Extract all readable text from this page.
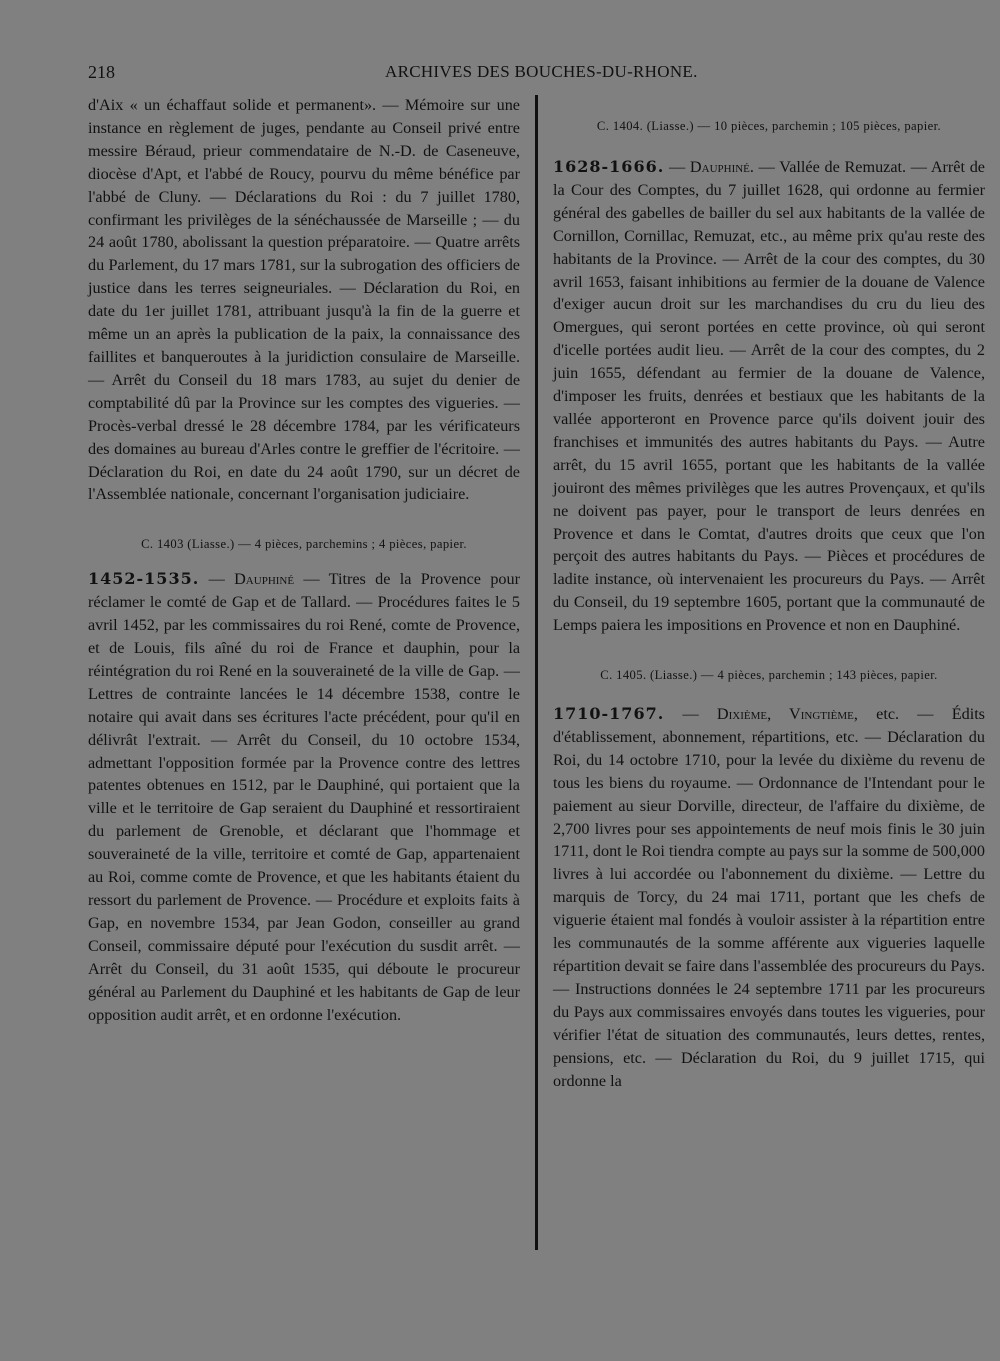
218	ARCHIVES DES BOUCHES-DU-RHONE.

d'Aix « un échaffaut solide et permanent». — Mémoire sur une instance en règlement de juges, pendante au Conseil privé entre messire Béraud, prieur commendataire de N.-D. de Caseneuve, diocèse d'Apt, et l'abbé de Roucy, pourvu du même bénéfice par l'abbé de Cluny. — Déclarations du Roi : du 7 juillet 1780, confirmant les privilèges de la sénéchaussée de Marseille ; — du 24 août 1780, abolissant la question préparatoire. — Quatre arrêts du Parlement, du 17 mars 1781, sur la subrogation des officiers de justice dans les terres seigneuriales. — Déclaration du Roi, en date du 1er juillet 1781, attribuant jusqu'à la fin de la guerre et même un an après la publication de la paix, la connaissance des faillites et banqueroutes à la juridiction consulaire de Marseille. — Arrêt du Conseil du 18 mars 1783, au sujet du denier de comptabilité dû par la Province sur les comptes des vigueries. — Procès-verbal dressé le 28 décembre 1784, par les vérificateurs des domaines au bureau d'Arles contre le greffier de l'écritoire. — Déclaration du Roi, en date du 24 août 1790, sur un décret de l'Assemblée nationale, concernant l'organisation judiciaire.

C. 1403 (Liasse.) — 4 pièces, parchemins ; 4 pièces, papier.

1452-1535. — Dauphiné — Titres de la Provence pour réclamer le comté de Gap et de Tallard. — Procédures faites le 5 avril 1452, par les commissaires du roi René, comte de Provence, et de Louis, fils aîné du roi de France et dauphin, pour la réintégration du roi René en la souveraineté de la ville de Gap. — Lettres de contrainte lancées le 14 décembre 1538, contre le notaire qui avait dans ses écritures l'acte précédent, pour qu'il en délivrât l'extrait. — Arrêt du Conseil, du 10 octobre 1534, admettant l'opposition formée par la Provence contre des lettres patentes obtenues en 1512, par le Dauphiné, qui portaient que la ville et le territoire de Gap seraient du Dauphiné et ressortiraient du parlement de Grenoble, et déclarant que l'hommage et souveraineté de la ville, territoire et comté de Gap, appartenaient au Roi, comme comte de Provence, et que les habitants étaient du ressort du parlement de Provence. — Procédure et exploits faits à Gap, en novembre 1534, par Jean Godon, conseiller au grand Conseil, commissaire député pour l'exécution du susdit arrêt. — Arrêt du Conseil, du 31 août 1535, qui déboute le procureur général au Parlement du Dauphiné et les habitants de Gap de leur opposition audit arrêt, et en ordonne l'exécution.

C. 1404. (Liasse.) — 10 pièces, parchemin ; 105 pièces, papier.

1628-1666. — Dauphiné. — Vallée de Remuzat. — Arrêt de la Cour des Comptes, du 7 juillet 1628, qui ordonne au fermier général des gabelles de bailler du sel aux habitants de la vallée de Cornillon, Cornillac, Remuzat, etc., au même prix qu'au reste des habitants de la Province. — Arrêt de la cour des comptes, du 30 avril 1653, faisant inhibitions au fermier de la douane de Valence d'exiger aucun droit sur les marchandises du cru du lieu des Omergues, qui seront portées en cette province, où qui seront d'icelle portées audit lieu. — Arrêt de la cour des comptes, du 2 juin 1655, défendant au fermier de la douane de Valence, d'imposer les fruits, denrées et bestiaux que les habitants de la vallée apporteront en Provence parce qu'ils doivent jouir des franchises et immunités des autres habitants du Pays. — Autre arrêt, du 15 avril 1655, portant que les habitants de la vallée jouiront des mêmes privilèges que les autres Provençaux, et qu'ils ne doivent pas payer, pour le transport de leurs denrées en Provence et dans le Comtat, d'autres droits que ceux que l'on perçoit des autres habitants du Pays. — Pièces et procédures de ladite instance, où intervenaient les procureurs du Pays. — Arrêt du Conseil, du 19 septembre 1605, portant que la communauté de Lemps paiera les impositions en Provence et non en Dauphiné.

C. 1405. (Liasse.) — 4 pièces, parchemin ; 143 pièces, papier.

1710-1767. — Dixième, Vingtième, etc. — Édits d'établissement, abonnement, répartitions, etc. — Déclaration du Roi, du 14 octobre 1710, pour la levée du dixième du revenu de tous les biens du royaume. — Ordonnance de l'Intendant pour le paiement au sieur Dorville, directeur, de l'affaire du dixième, de 2,700 livres pour ses appointements de neuf mois finis le 30 juin 1711, dont le Roi tiendra compte au pays sur la somme de 500,000 livres à lui accordée ou l'abonnement du dixième. — Lettre du marquis de Torcy, du 24 mai 1711, portant que les chefs de viguerie étaient mal fondés à vouloir assister à la répartition entre les communautés de la somme afférente aux vigueries laquelle répartition devait se faire dans l'assemblée des procureurs du Pays. — Instructions données le 24 septembre 1711 par les procureurs du Pays aux commissaires envoyés dans toutes les vigueries, pour vérifier l'état de situation des communautés, leurs dettes, rentes, pensions, etc. — Déclaration du Roi, du 9 juillet 1715, qui ordonne la
